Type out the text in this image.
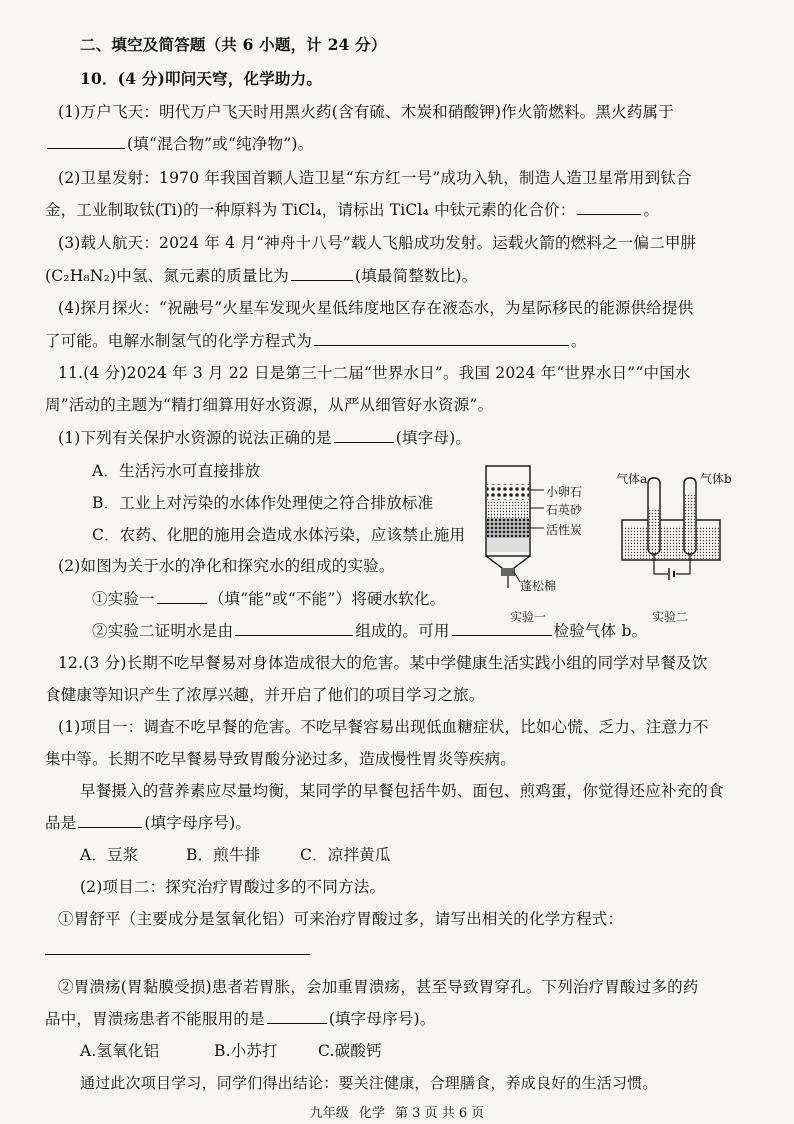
二、填空及简答题（共 6 小题，计 24 分）
10．(4 分)叩问天穹，化学助力。
(1)万户飞天：明代万户飞天时用黑火药(含有硫、木炭和硝酸钾)作火箭燃料。黑火药属于
(填“混合物”或“纯净物”)。
(2)卫星发射：1970 年我国首颗人造卫星“东方红一号”成功入轨，制造人造卫星常用到钛合
金，工业制取钛(Ti)的一种原料为 TiCl₄，请标出 TiCl₄ 中钛元素的化合价：	。
(3)载人航天：2024 年 4 月“神舟十八号”载人飞船成功发射。运载火箭的燃料之一偏二甲肼
(C₂H₈N₂)中氢、氮元素的质量比为	(填最简整数比)。
(4)探月探火：“祝融号”火星车发现火星低纬度地区存在液态水，为星际移民的能源供给提供
了可能。电解水制氢气的化学方程式为	。
11.(4 分)2024 年 3 月 22 日是第三十二届“世界水日”。我国 2024 年“世界水日”“中国水
周”活动的主题为“精打细算用好水资源，从严从细管好水资源”。
(1)下列有关保护水资源的说法正确的是	(填字母)。
A．生活污水可直接排放
B．工业上对污染的水体作处理使之符合排放标准
C．农药、化肥的施用会造成水体污染，应该禁止施用
(2)如图为关于水的净化和探究水的组成的实验。
①实验一	（填“能”或“不能”）将硬水软化。
②实验二证明水是由	组成的。可用	检验气体 b。
小卵石
石英砂
活性炭
蓬松棉
实验一
气体a	气体b
实验二
12.(3 分)长期不吃早餐易对身体造成很大的危害。某中学健康生活实践小组的同学对早餐及饮
食健康等知识产生了浓厚兴趣，并开启了他们的项目学习之旅。
(1)项目一：调查不吃早餐的危害。不吃早餐容易出现低血糖症状，比如心慌、乏力、注意力不
集中等。长期不吃早餐易导致胃酸分泌过多，造成慢性胃炎等疾病。
早餐摄入的营养素应尽量均衡，某同学的早餐包括牛奶、面包、煎鸡蛋，你觉得还应补充的食
品是	(填字母序号)。
A．豆浆	B．煎牛排	C．凉拌黄瓜
(2)项目二：探究治疗胃酸过多的不同方法。
①胃舒平（主要成分是氢氧化铝）可来治疗胃酸过多，请写出相关的化学方程式：
②胃溃疡(胃黏膜受损)患者若胃胀，会加重胃溃疡，甚至导致胃穿孔。下列治疗胃酸过多的药
品中，胃溃疡患者不能服用的是	(填字母序号)。
A.氢氧化铝	B.小苏打	C.碳酸钙
通过此次项目学习，同学们得出结论：要关注健康，合理膳食，养成良好的生活习惯。
九年级 化学 第 3 页 共 6 页
